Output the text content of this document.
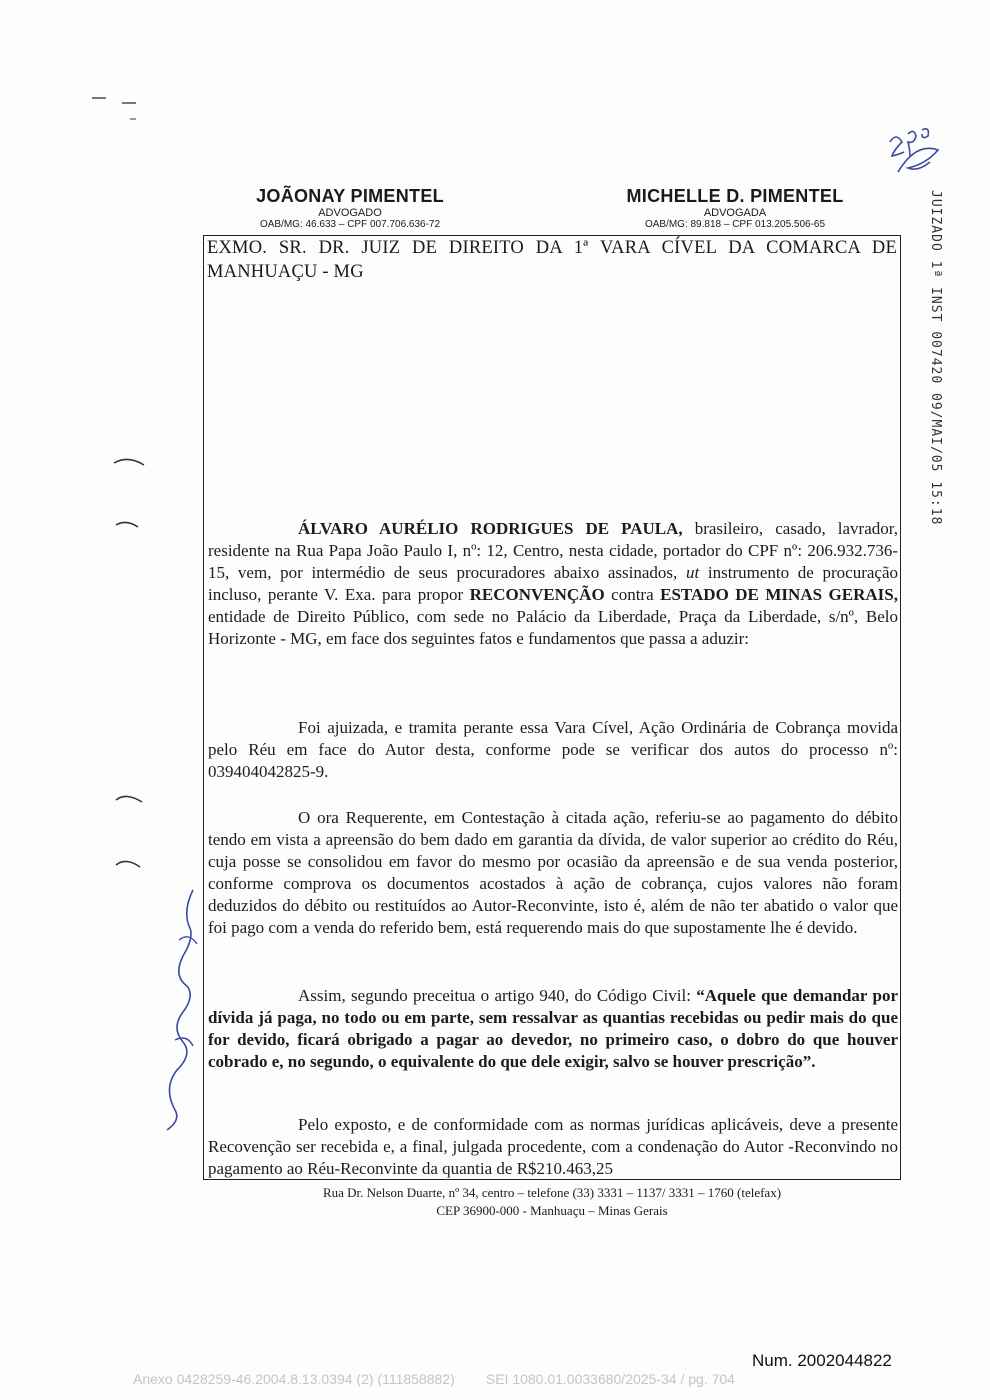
JOÃONAY PIMENTEL
ADVOGADO
OAB/MG: 46.633 – CPF 007.706.636-72
MICHELLE D. PIMENTEL
ADVOGADA
OAB/MG: 89.818 – CPF 013.205.506-65	JUIZADO 1ª INST 007420 09/MAI/05 15:18
EXMO. SR. DR. JUIZ DE DIREITO DA 1ª VARA CÍVEL DA COMARCA DE MANHUAÇU - MG
ÁLVARO AURÉLIO RODRIGUES DE PAULA, brasileiro, casado, lavrador, residente na Rua Papa João Paulo I, nº: 12, Centro, nesta cidade, portador do CPF nº: 206.932.736-15, vem, por intermédio de seus procuradores abaixo assinados, ut instrumento de procuração incluso, perante V. Exa. para propor RECONVENÇÃO contra ESTADO DE MINAS GERAIS, entidade de Direito Público, com sede no Palácio da Liberdade, Praça da Liberdade, s/nº, Belo Horizonte - MG, em face dos seguintes fatos e fundamentos que passa a aduzir:
Foi ajuizada, e tramita perante essa Vara Cível, Ação Ordinária de Cobrança movida pelo Réu em face do Autor desta, conforme pode se verificar dos autos do processo nº: 039404042825-9.
O ora Requerente, em Contestação à citada ação, referiu-se ao pagamento do débito tendo em vista a apreensão do bem dado em garantia da dívida, de valor superior ao crédito do Réu, cuja posse se consolidou em favor do mesmo por ocasião da apreensão e de sua venda posterior, conforme comprova os documentos acostados à ação de cobrança, cujos valores não foram deduzidos do débito ou restituídos ao Autor-Reconvinte, isto é, além de não ter abatido o valor que foi pago com a venda do referido bem, está requerendo mais do que supostamente lhe é devido.
Assim, segundo preceitua o artigo 940, do Código Civil: “Aquele que demandar por dívida já paga, no todo ou em parte, sem ressalvar as quantias recebidas ou pedir mais do que for devido, ficará obrigado a pagar ao devedor, no primeiro caso, o dobro do que houver cobrado e, no segundo, o equivalente do que dele exigir, salvo se houver prescrição”.
Pelo exposto, e de conformidade com as normas jurídicas aplicáveis, deve a presente Recovenção ser recebida e, a final, julgada procedente, com a condenação do Autor -Reconvindo no pagamento ao Réu-Reconvinte da quantia de R$210.463,25
Rua Dr. Nelson Duarte, nº 34, centro – telefone (33) 3331 – 1137/ 3331 – 1760 (telefax)
CEP 36900-000 - Manhuaçu – Minas Gerais
Num. 2002044822
Anexo 0428259-46.2004.8.13.0394 (2) (111858882)        SEI 1080.01.0033680/2025-34 / pg. 704
